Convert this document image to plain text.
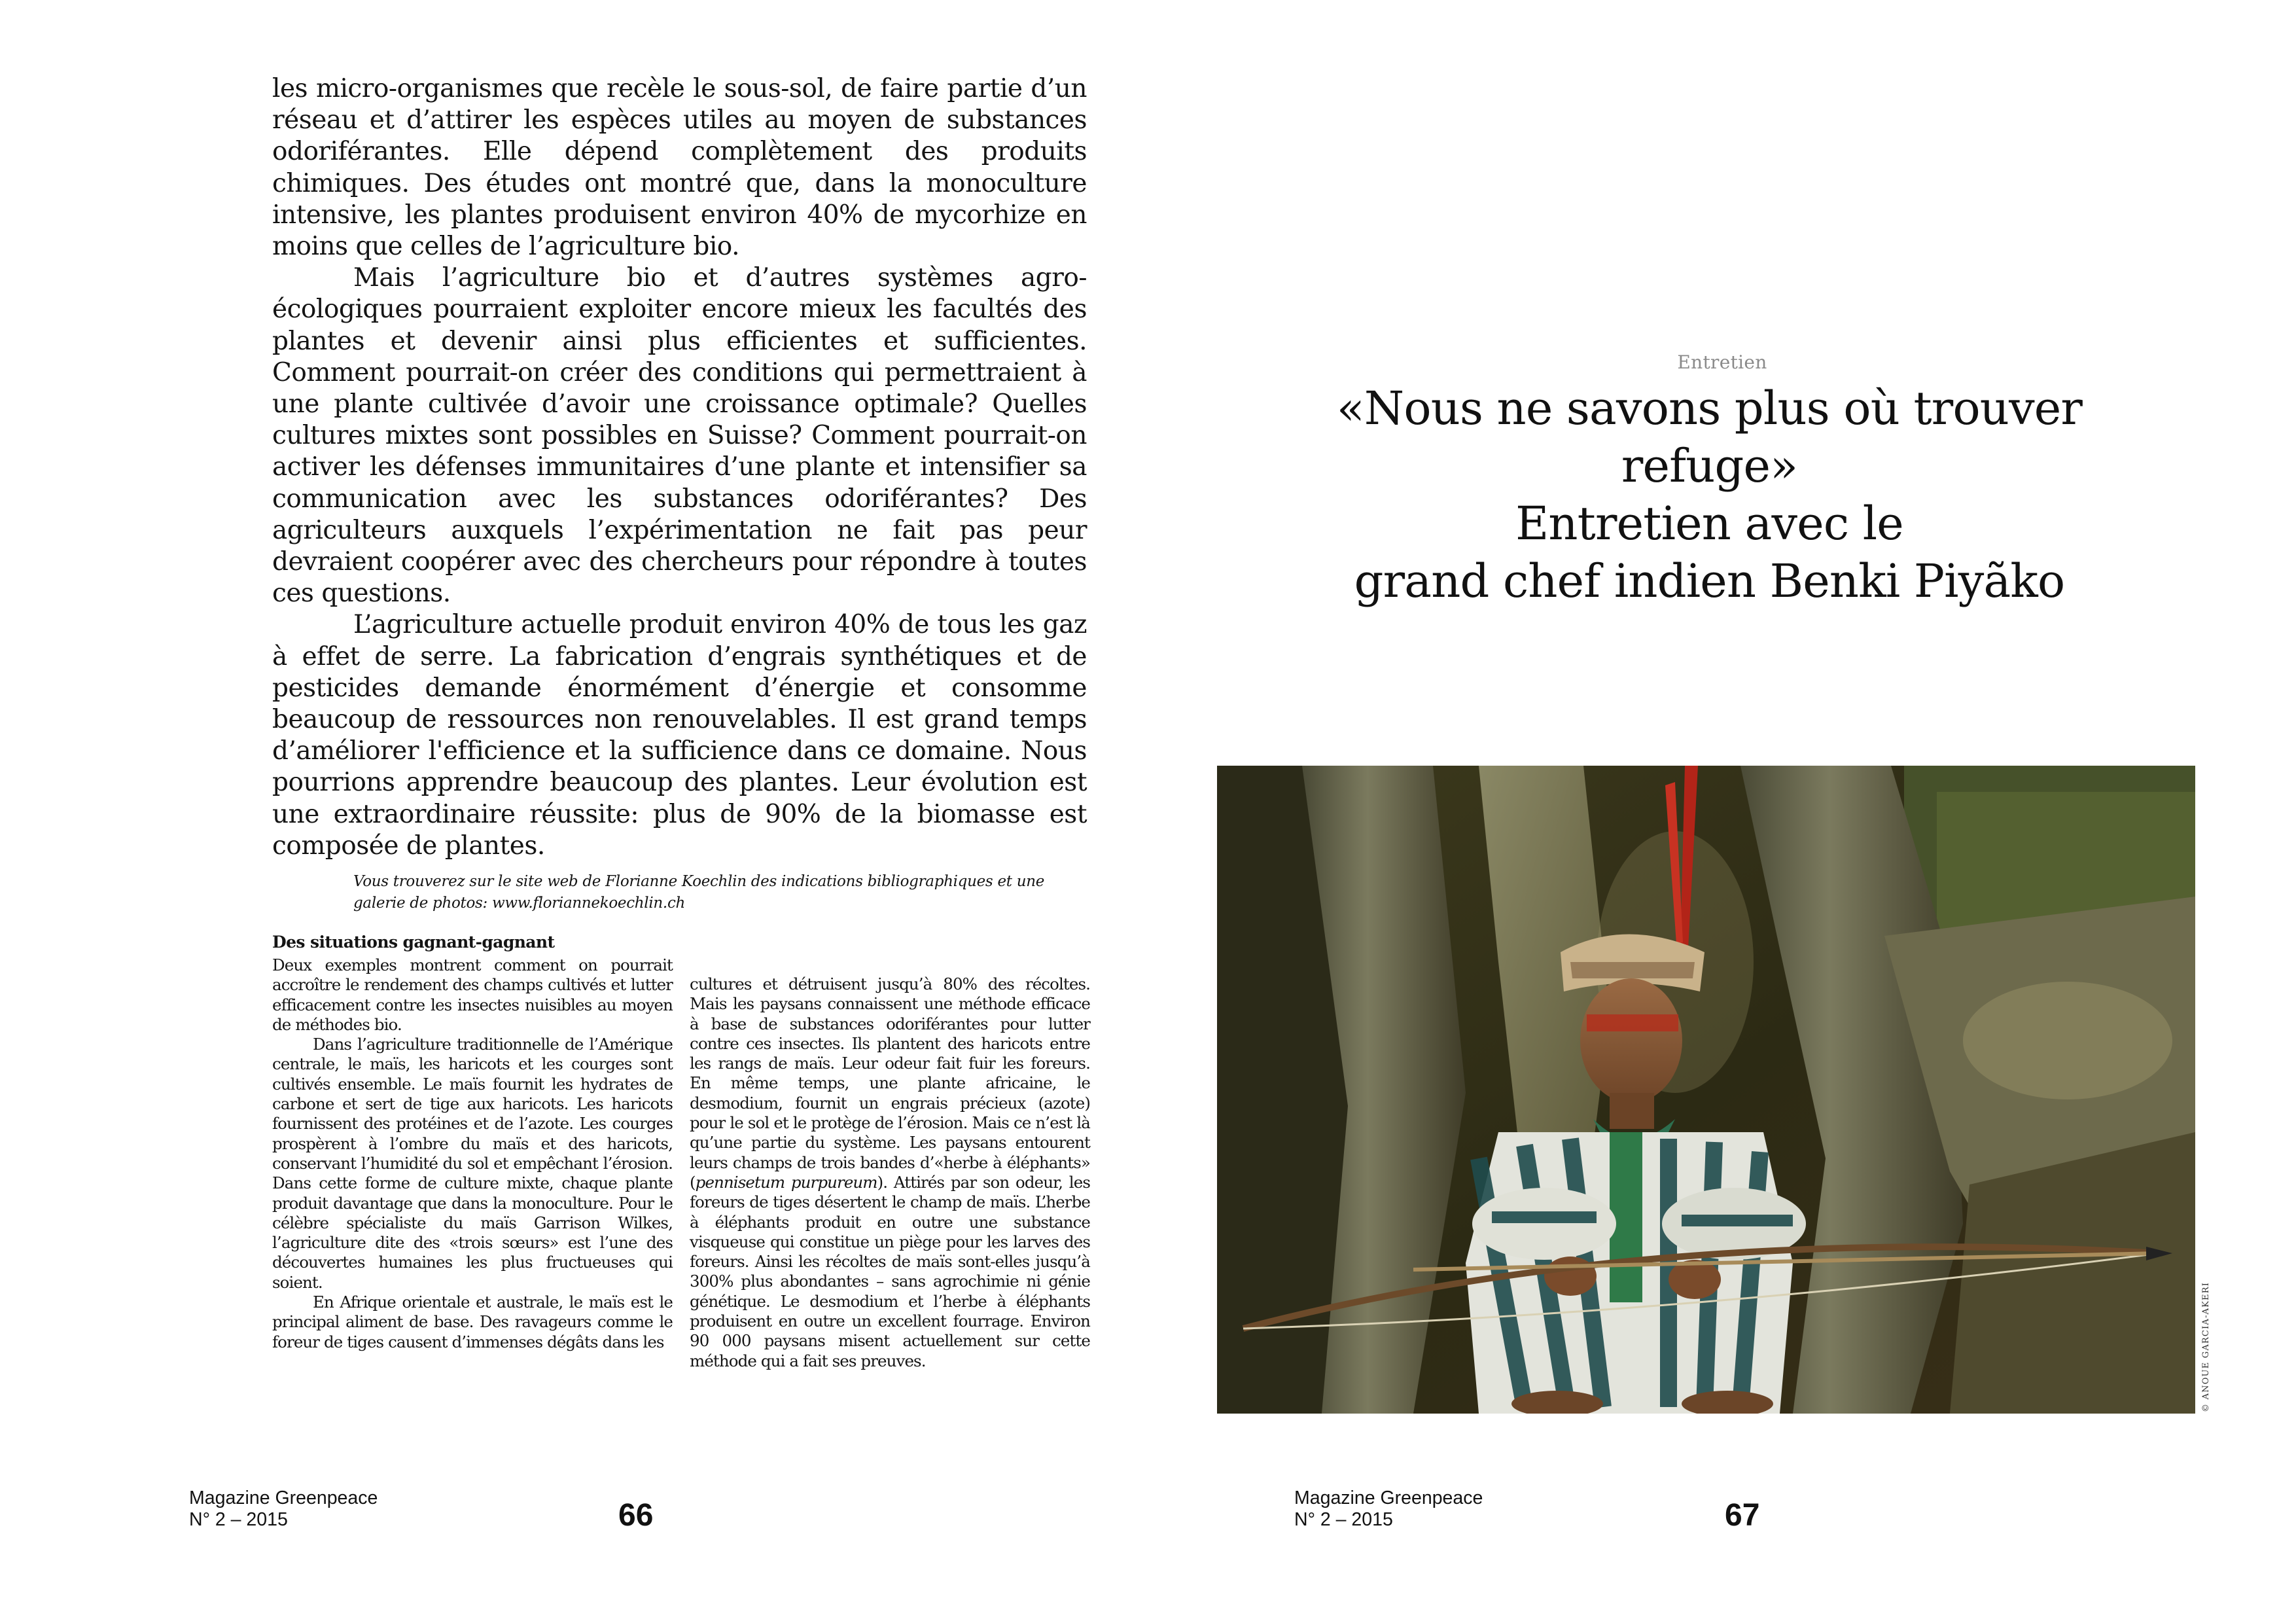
les micro-organismes que recèle le sous-sol, de faire partie d’un réseau et d’attirer les espèces utiles au moyen de substances odoriférantes. Elle dépend complètement des produits chimiques. Des études ont montré que, dans la monoculture intensive, les plantes produisent environ 40% de mycorhize en moins que celles de l’agriculture bio.

Mais l’agriculture bio et d’autres systèmes agro-écologiques pourraient exploiter encore mieux les facultés des plantes et devenir ainsi plus efficientes et sufficientes. Comment pourrait-on créer des conditions qui permettraient à une plante cultivée d’avoir une croissance optimale? Quelles cultures mixtes sont possibles en Suisse? Comment pourrait-on activer les défenses immunitaires d’une plante et intensifier sa communication avec les substances odoriférantes? Des agriculteurs auxquels l’expérimentation ne fait pas peur devraient coopérer avec des chercheurs pour répondre à toutes ces questions.

L’agriculture actuelle produit environ 40% de tous les gaz à effet de serre. La fabrication d’engrais synthétiques et de pesticides demande énormément d’énergie et consomme beaucoup de ressources non renouvelables. Il est grand temps d’améliorer l'efficience et la sufficience dans ce domaine. Nous pourrions apprendre beaucoup des plantes. Leur évolution est une extraordinaire réussite: plus de 90% de la biomasse est composée de plantes.

Vous trouverez sur le site web de Florianne Koechlin des indications bibliographiques et une galerie de photos: www.floriannekoechlin.ch

Des situations gagnant-gagnant

Deux exemples montrent comment on pourrait accroître le rendement des champs cultivés et lutter efficacement contre les insectes nuisibles au moyen de méthodes bio.

Dans l’agriculture traditionnelle de l’Amérique centrale, le maïs, les haricots et les courges sont cultivés ensemble. Le maïs fournit les hydrates de carbone et sert de tige aux haricots. Les haricots fournissent des protéines et de l’azote. Les courges prospèrent à l’ombre du maïs et des haricots, conservant l’humidité du sol et empêchant l’érosion. Dans cette forme de culture mixte, chaque plante produit davantage que dans la monoculture. Pour le célèbre spécialiste du maïs Garrison Wilkes, l’agriculture dite des «trois sœurs» est l’une des découvertes humaines les plus fructueuses qui soient.

En Afrique orientale et australe, le maïs est le principal aliment de base. Des ravageurs comme le foreur de tiges causent d’immenses dégâts dans les

cultures et détruisent jusqu’à 80% des récoltes. Mais les paysans connaissent une méthode efficace à base de substances odoriférantes pour lutter contre ces insectes. Ils plantent des haricots entre les rangs de maïs. Leur odeur fait fuir les foreurs. En même temps, une plante africaine, le desmodium, fournit un engrais précieux (azote) pour le sol et le protège de l’érosion. Mais ce n’est là qu’une partie du système. Les paysans entourent leurs champs de trois bandes d’«herbe à éléphants» (pennisetum purpureum). Attirés par son odeur, les foreurs de tiges désertent le champ de maïs. L’herbe à éléphants produit en outre une substance visqueuse qui constitue un piège pour les larves des foreurs. Ainsi les récoltes de maïs sont-elles jusqu’à 300% plus abondantes – sans agrochimie ni génie génétique. Le desmodium et l’herbe à éléphants produisent en outre un excellent fourrage. Environ 90 000 paysans misent actuellement sur cette méthode qui a fait ses preuves.

Magazine Greenpeace
N° 2 – 2015	66
Entretien
«Nous ne savons plus où trouver refuge»
Entretien avec le
grand chef indien Benki Piyãko
© ANOUE GARCIA-AKERI
Magazine Greenpeace
N° 2 – 2015	67
